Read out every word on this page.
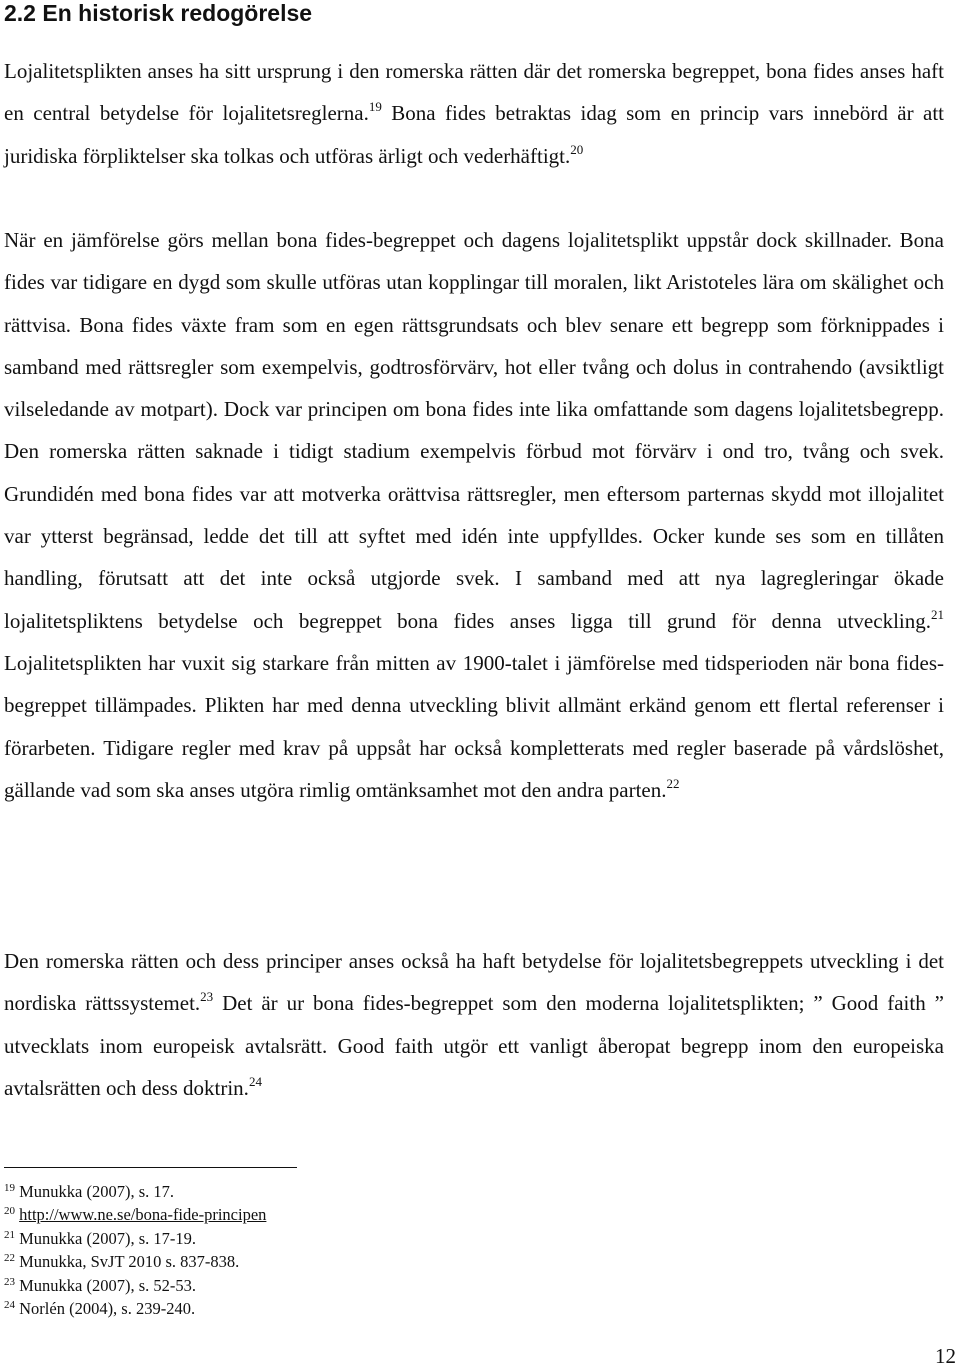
2.2 En historisk redogörelse

Lojalitetsplikten anses ha sitt ursprung i den romerska rätten där det romerska begreppet, bona fides anses haft en central betydelse för lojalitetsreglerna.$^{19}$ Bona fides betraktas idag som en princip vars innebörd är att juridiska förpliktelser ska tolkas och utföras ärligt och vederhäftigt.$^{20}$

När en jämförelse görs mellan bona fides-begreppet och dagens lojalitetsplikt uppstår dock skillnader. Bona fides var tidigare en dygd som skulle utföras utan kopplingar till moralen, likt Aristoteles lära om skälighet och rättvisa. Bona fides växte fram som en egen rättsgrundsats och blev senare ett begrepp som förknippades i samband med rättsregler som exempelvis, godtrosförvärv, hot eller tvång och dolus in contrahendo (avsiktligt vilseledande av motpart). Dock var principen om bona fides inte lika omfattande som dagens lojalitetsbegrepp. Den romerska rätten saknade i tidigt stadium exempelvis förbud mot förvärv i ond tro, tvång och svek. Grundidén med bona fides var att motverka orättvisa rättsregler, men eftersom parternas skydd mot illojalitet var ytterst begränsad, ledde det till att syftet med idén inte uppfylldes. Ocker kunde ses som en tillåten handling, förutsatt att det inte också utgjorde svek. I samband med att nya lagregleringar ökade lojalitetspliktens betydelse och begreppet bona fides anses ligga till grund för denna utveckling.$^{21}$ Lojalitetsplikten har vuxit sig starkare från mitten av 1900-talet i jämförelse med tidsperioden när bona fides-begreppet tillämpades. Plikten har med denna utveckling blivit allmänt erkänd genom ett flertal referenser i förarbeten. Tidigare regler med krav på uppsåt har också kompletterats med regler baserade på vårdslöshet, gällande vad som ska anses utgöra rimlig omtänksamhet mot den andra parten.$^{22}$

Den romerska rätten och dess principer anses också ha haft betydelse för lojalitetsbegreppets utveckling i det nordiska rättssystemet.$^{23}$ Det är ur bona fides-begreppet som den moderna lojalitetsplikten; ” Good faith ” utvecklats inom europeisk avtalsrätt. Good faith utgör ett vanligt åberopat begrepp inom den europeiska avtalsrätten och dess doktrin.$^{24}$

$^{19}$ Munukka (2007), s. 17.
$^{20}$ http://www.ne.se/bona-fide-principen
$^{21}$ Munukka (2007), s. 17-19.
$^{22}$ Munukka, SvJT 2010 s. 837-838.
$^{23}$ Munukka (2007), s. 52-53.
$^{24}$ Norlén (2004), s. 239-240.
12
